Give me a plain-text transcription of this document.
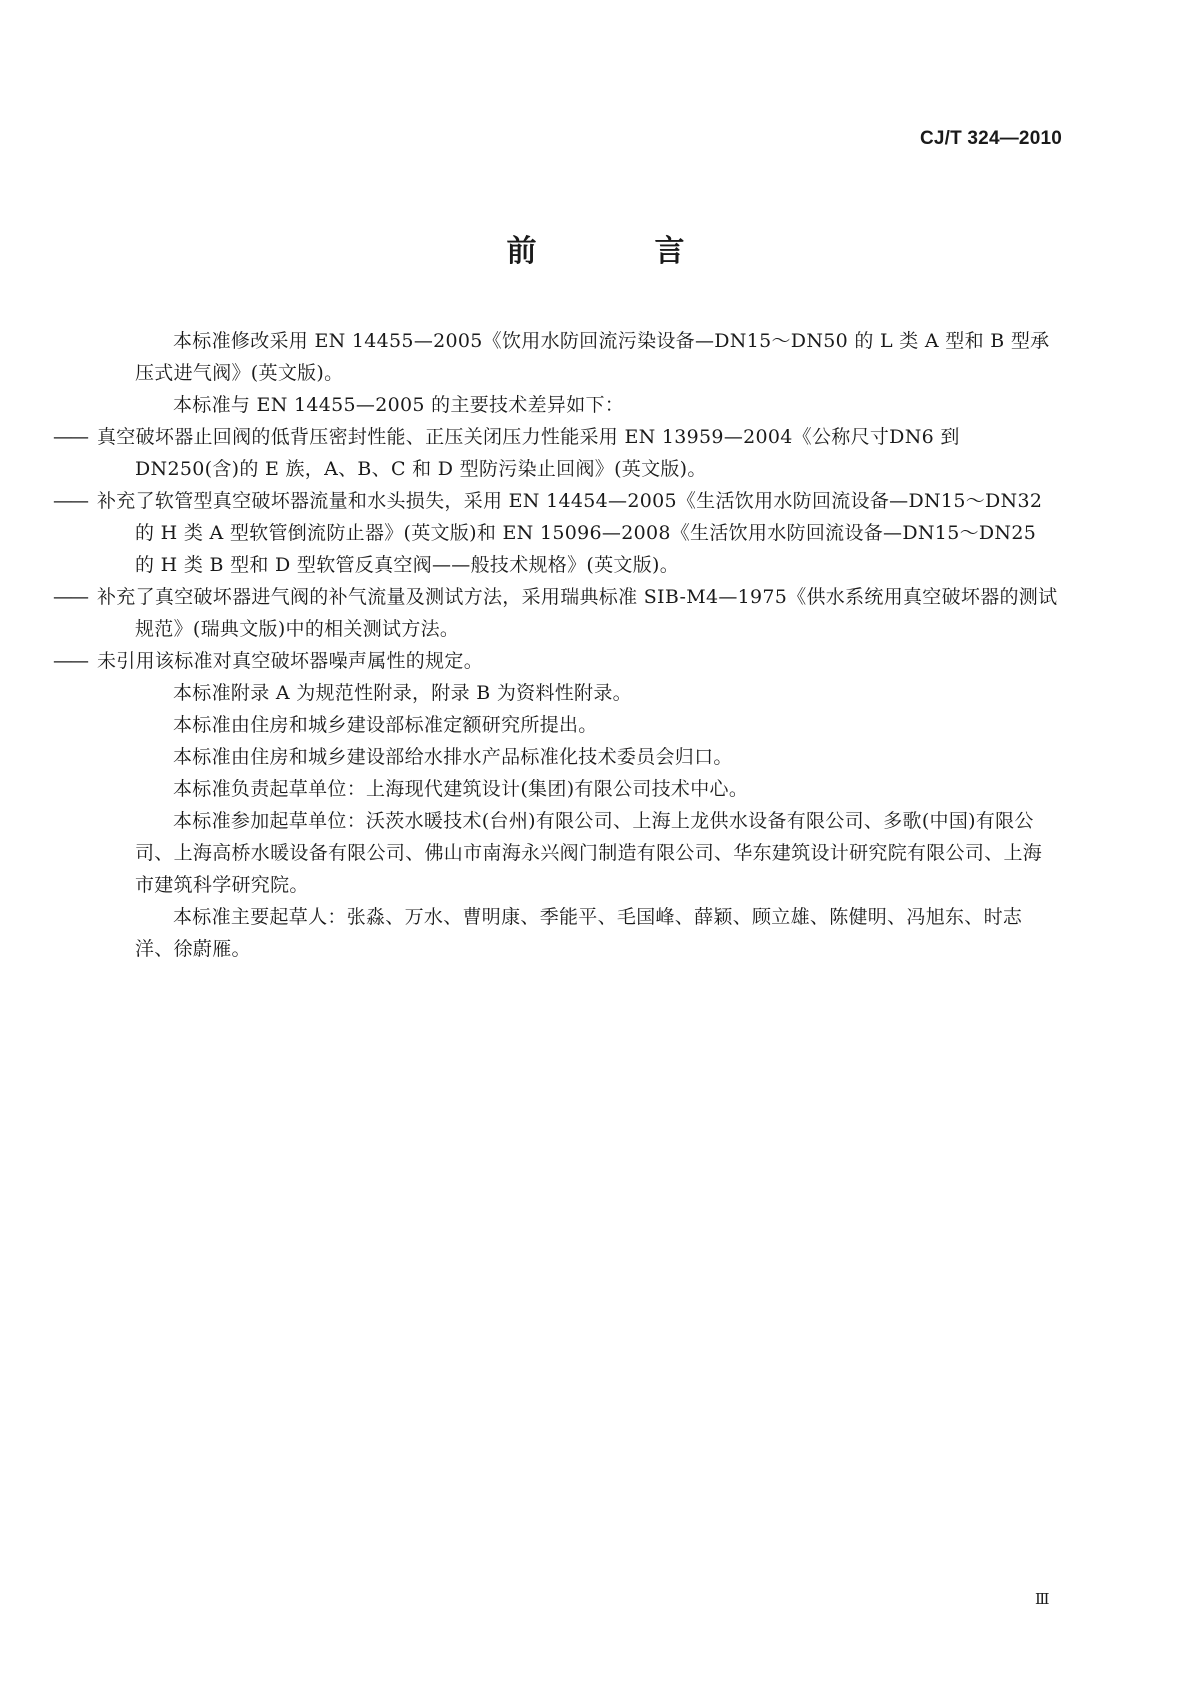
CJ/T 324—2010
前　言

本标准修改采用 EN 14455—2005《饮用水防回流污染设备—DN15～DN50 的 L 类 A 型和 B 型承压式进气阀》(英文版)。

本标准与 EN 14455—2005 的主要技术差异如下：

—— 真空破坏器止回阀的低背压密封性能、正压关闭压力性能采用 EN 13959—2004《公称尺寸DN6 到 DN250(含)的 E 族，A、B、C 和 D 型防污染止回阀》(英文版)。

—— 补充了软管型真空破坏器流量和水头损失，采用 EN 14454—2005《生活饮用水防回流设备—DN15～DN32 的 H 类 A 型软管倒流防止器》(英文版)和 EN 15096—2008《生活饮用水防回流设备—DN15～DN25 的 H 类 B 型和 D 型软管反真空阀——般技术规格》(英文版)。

—— 补充了真空破坏器进气阀的补气流量及测试方法，采用瑞典标准 SIB-M4—1975《供水系统用真空破坏器的测试规范》(瑞典文版)中的相关测试方法。

—— 未引用该标准对真空破坏器噪声属性的规定。

本标准附录 A 为规范性附录，附录 B 为资料性附录。

本标准由住房和城乡建设部标准定额研究所提出。

本标准由住房和城乡建设部给水排水产品标准化技术委员会归口。

本标准负责起草单位：上海现代建筑设计(集团)有限公司技术中心。

本标准参加起草单位：沃茨水暖技术(台州)有限公司、上海上龙供水设备有限公司、多歌(中国)有限公司、上海高桥水暖设备有限公司、佛山市南海永兴阀门制造有限公司、华东建筑设计研究院有限公司、上海市建筑科学研究院。

本标准主要起草人：张淼、万水、曹明康、季能平、毛国峰、薛颖、顾立雄、陈健明、冯旭东、时志洋、徐蔚雁。

Ⅲ
